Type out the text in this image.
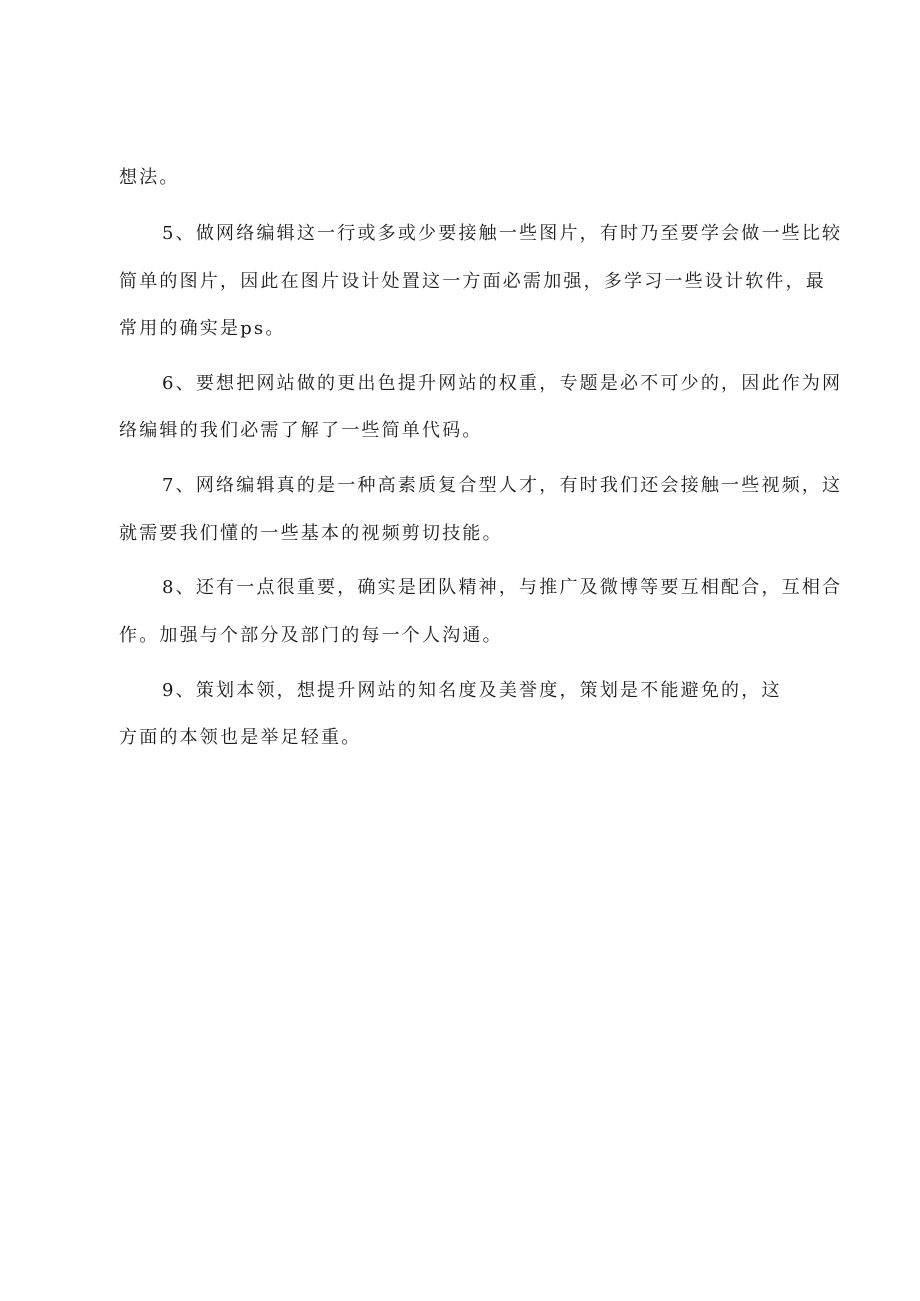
想法。

5、做网络编辑这一行或多或少要接触一些图片，有时乃至要学会做一些比较

简单的图片，因此在图片设计处置这一方面必需加强，多学习一些设计软件，最

常用的确实是ps。

6、要想把网站做的更出色提升网站的权重，专题是必不可少的，因此作为网

络编辑的我们必需了解了一些简单代码。

7、网络编辑真的是一种高素质复合型人才，有时我们还会接触一些视频，这

就需要我们懂的一些基本的视频剪切技能。

8、还有一点很重要，确实是团队精神，与推广及微博等要互相配合，互相合

作。加强与个部分及部门的每一个人沟通。

9、策划本领，想提升网站的知名度及美誉度，策划是不能避免的，这

方面的本领也是举足轻重。
